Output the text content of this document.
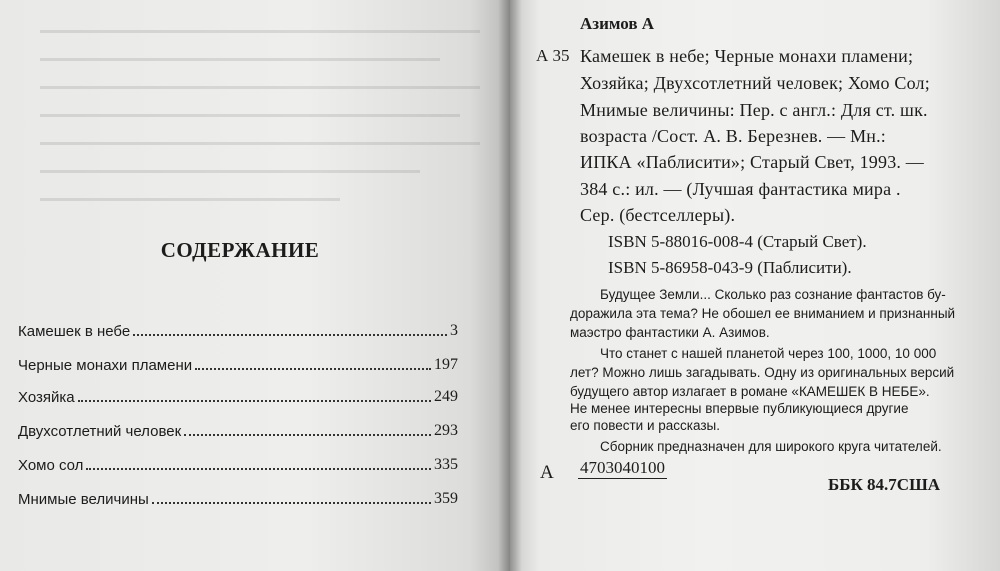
СОДЕРЖАНИЕ
Камешек в небе	3
Черные монахи пламени	197
Хозяйка	249
Двухсотлетний человек	293
Хомо сол	335
Мнимые величины	359
Азимов А
А 35 Камешек в небе; Черные монахи пламени;
Хозяйка; Двухсотлетний человек; Хомо Сол;
Мнимые величины: Пер. с англ.: Для ст. шк.
возраста /Сост. А. В. Березнев. — Мн.:
ИПКА «Паблисити»; Старый Свет, 1993. —
384 с.: ил. — (Лучшая фантастика мира .
Сер. (бестселлеры).
ISBN 5-88016-008-4 (Старый Свет).
ISBN 5-86958-043-9 (Паблисити).
Будущее Земли... Сколько раз сознание фантастов бу-
доражила эта тема? Не обошел ее вниманием и признанный
маэстро фантастики А. Азимов.
Что станет с нашей планетой через 100, 1000, 10 000
лет? Можно лишь загадывать. Одну из оригинальных версий
будущего автор излагает в романе «КАМЕШЕК В НЕБЕ».
Не менее интересны впервые публикующиеся другие
его повести и рассказы.
Сборник предназначен для широкого круга читателей.
А 4703040100
ББК 84.7США
